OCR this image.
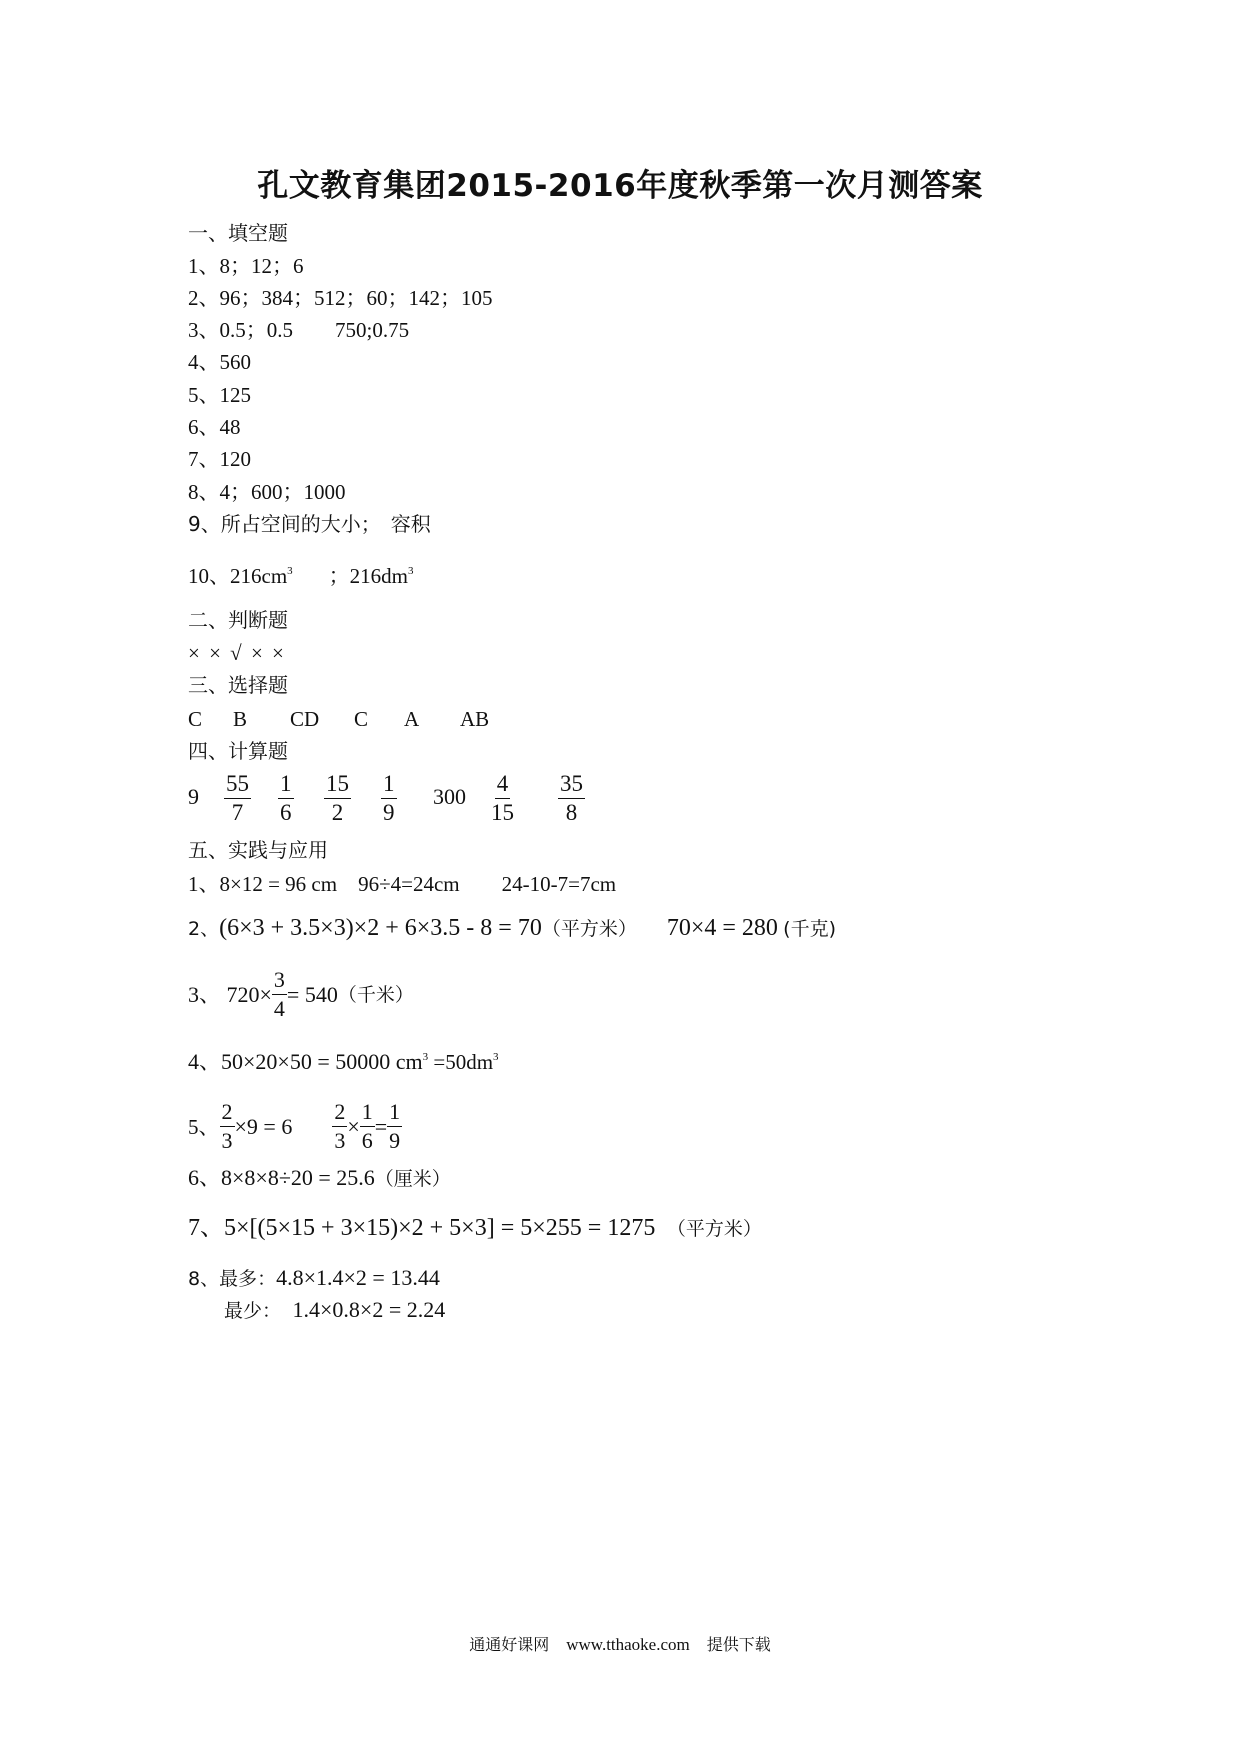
孔文教育集团2015-2016年度秋季第一次月测答案
一、填空题
1、8；12；6
2、96；384；512；60；142；105
3、0.5；0.5　　750;0.75
4、560
5、125
6、48
7、120
8、4；600；1000
9、所占空间的大小；　容积
10、$216cm^3$ ；$216dm^3$
二、判断题
× × √ × ×
三、选择题
C B CD C A AB
四、计算题
$9 \frac{55}{7} \frac{1}{6} \frac{15}{2} \frac{1}{9} 300 \frac{4}{15} \frac{35}{8}$
五、实践与应用
1、8×12 = 96 cm　96÷4=24cm　　24-10-7=7cm
2、(6×3 + 3.5×3)×2 + 6×3.5 - 8 = 70（平方米） 70×4 = 280 (千克)
3、 $720\times \frac{3}{4} = 540$ （千米）
4、50×20×50 = 50000 $cm^3 =50dm^3$
5、 $\frac{2}{3} \times 9 = 6 \frac{2}{3} \times \frac{1}{6} = \frac{1}{9}$
6、8×8×8÷20 = 25.6（厘米）
7、5×[(5×15 + 3×15)×2 + 5×3] = 5×255 = 1275　 （平方米）
8、最多：4.8×1.4×2 = 13.44
最少：　 1.4×0.8×2 = 2.24
通通好课网　 www.tthaoke.com　 提供下载
